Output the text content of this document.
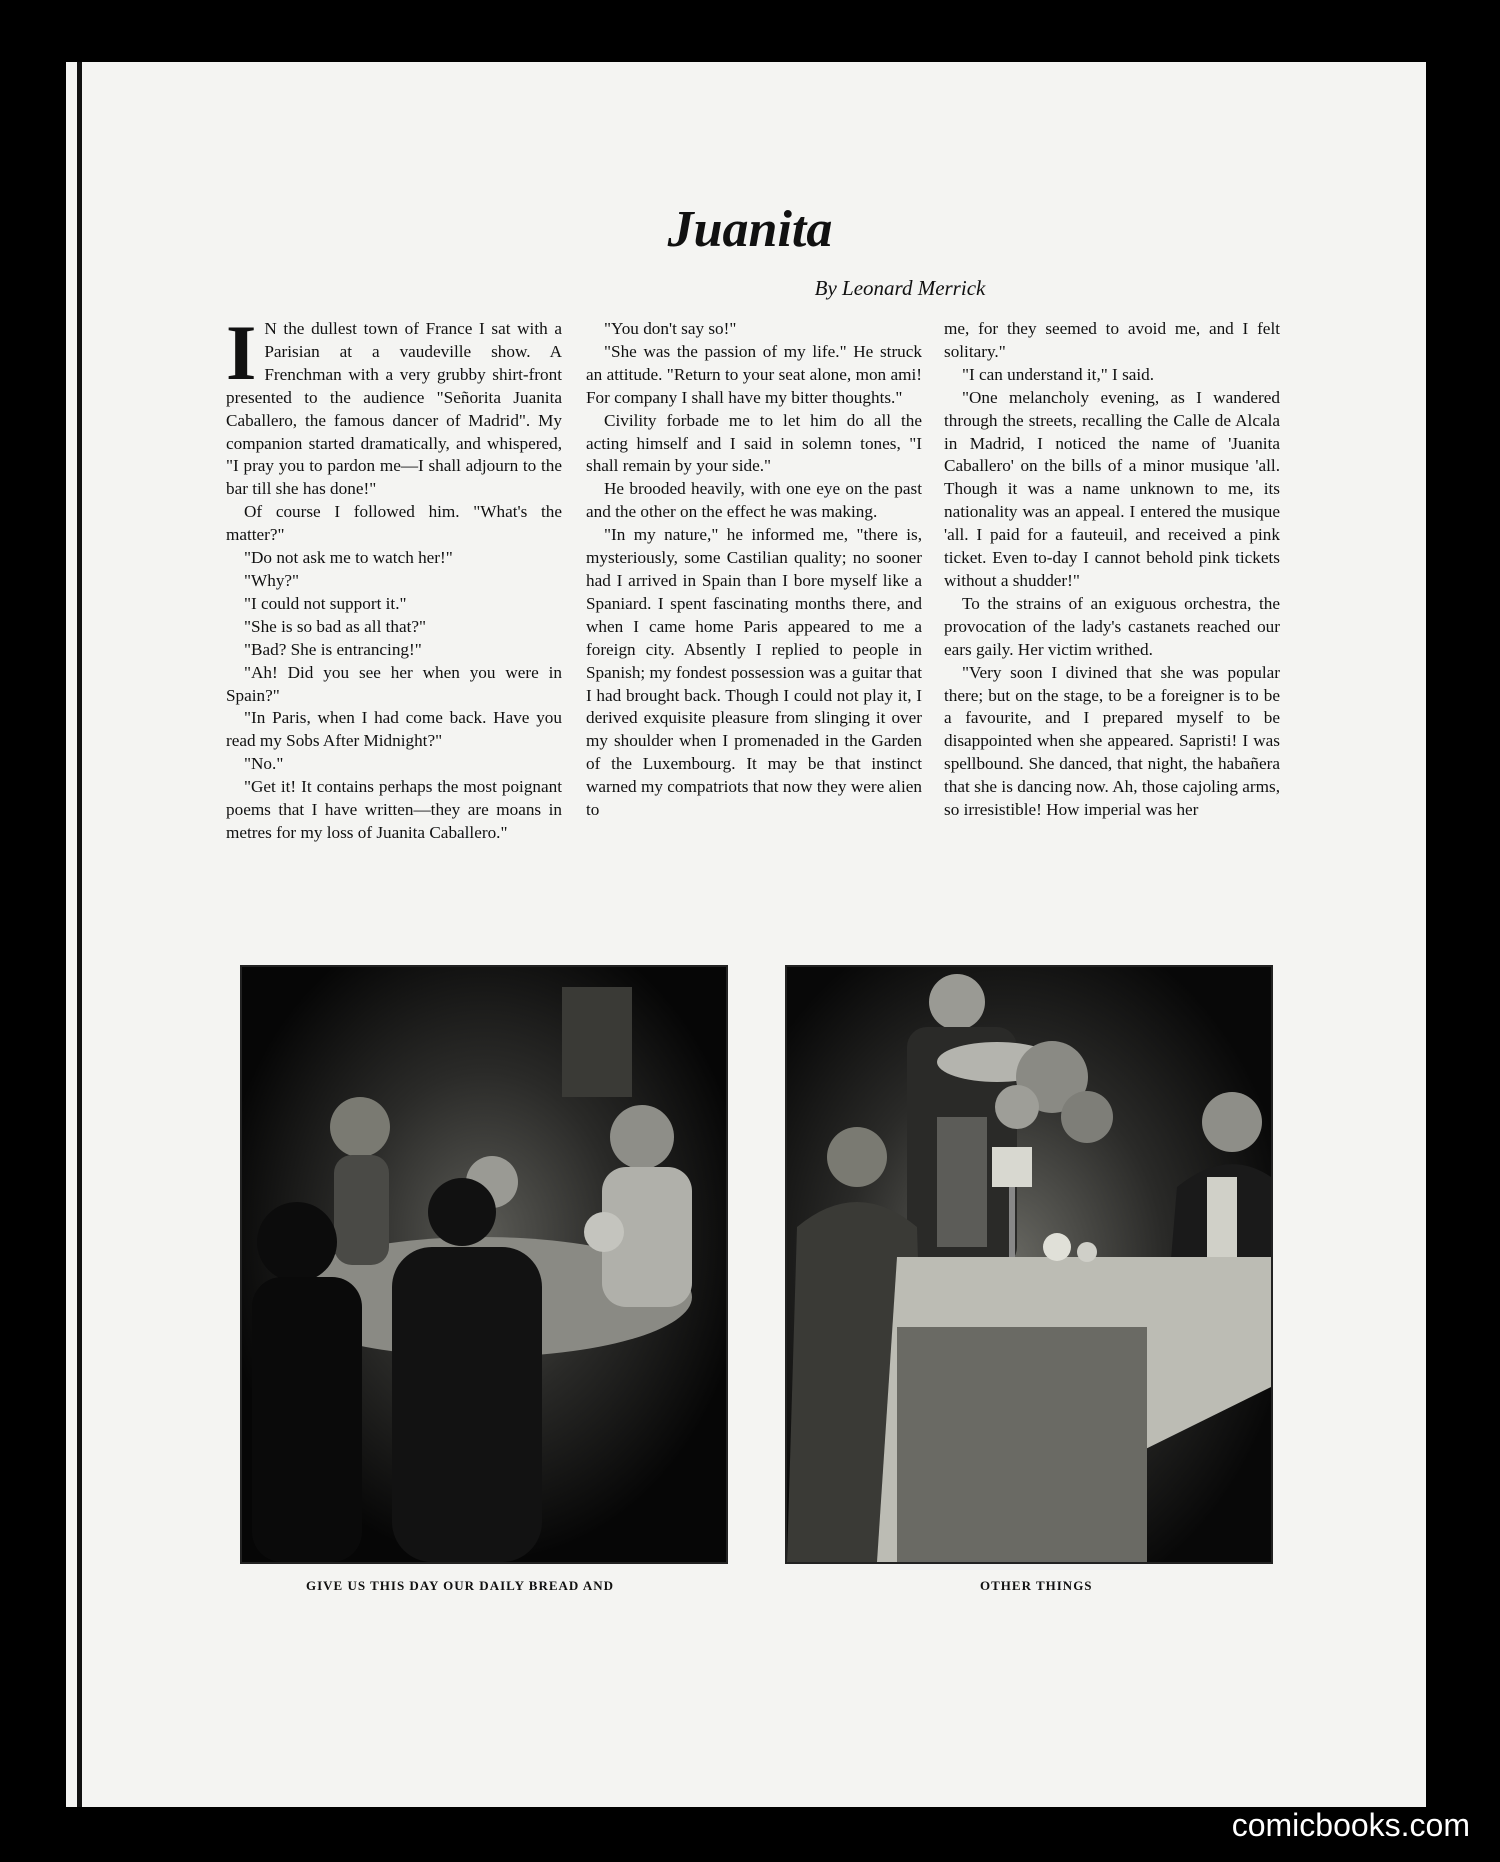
Juanita
By Leonard Merrick

I N the dullest town of France I sat with a Parisian at a vaudeville show. A Frenchman with a very grubby shirt-front presented to the audience "Señorita Juanita Caballero, the famous dancer of Madrid". My companion started dramatically, and whispered, "I pray you to pardon me—I shall adjourn to the bar till she has done!"

Of course I followed him. "What's the matter?"

"Do not ask me to watch her!"

"Why?"

"I could not support it."

"She is so bad as all that?"

"Bad? She is entrancing!"

"Ah! Did you see her when you were in Spain?"

"In Paris, when I had come back. Have you read my Sobs After Midnight?"

"No."

"Get it! It contains perhaps the most poignant poems that I have written—they are moans in metres for my loss of Juanita Caballero."

"You don't say so!"

"She was the passion of my life." He struck an attitude. "Return to your seat alone, mon ami! For company I shall have my bitter thoughts."

Civility forbade me to let him do all the acting himself and I said in solemn tones, "I shall remain by your side."

He brooded heavily, with one eye on the past and the other on the effect he was making.

"In my nature," he informed me, "there is, mysteriously, some Castilian quality; no sooner had I arrived in Spain than I bore myself like a Spaniard. I spent fascinating months there, and when I came home Paris appeared to me a foreign city. Absently I replied to people in Spanish; my fondest possession was a guitar that I had brought back. Though I could not play it, I derived exquisite pleasure from slinging it over my shoulder when I promenaded in the Garden of the Luxembourg. It may be that instinct warned my compatriots that now they were alien to

me, for they seemed to avoid me, and I felt solitary."

"I can understand it," I said.

"One melancholy evening, as I wandered through the streets, recalling the Calle de Alcala in Madrid, I noticed the name of 'Juanita Caballero' on the bills of a minor musique 'all. Though it was a name unknown to me, its nationality was an appeal. I entered the musique 'all. I paid for a fauteuil, and received a pink ticket. Even to-day I cannot behold pink tickets without a shudder!"

To the strains of an exiguous orchestra, the provocation of the lady's castanets reached our ears gaily. Her victim writhed.

"Very soon I divined that she was popular there; but on the stage, to be a foreigner is to be a favourite, and I prepared myself to be disappointed when she appeared. Sapristi! I was spellbound. She danced, that night, the habañera that she is dancing now. Ah, those cajoling arms, so irresistible! How imperial was her

GIVE US THIS DAY OUR DAILY BREAD AND	OTHER THINGS
comicbooks.com
